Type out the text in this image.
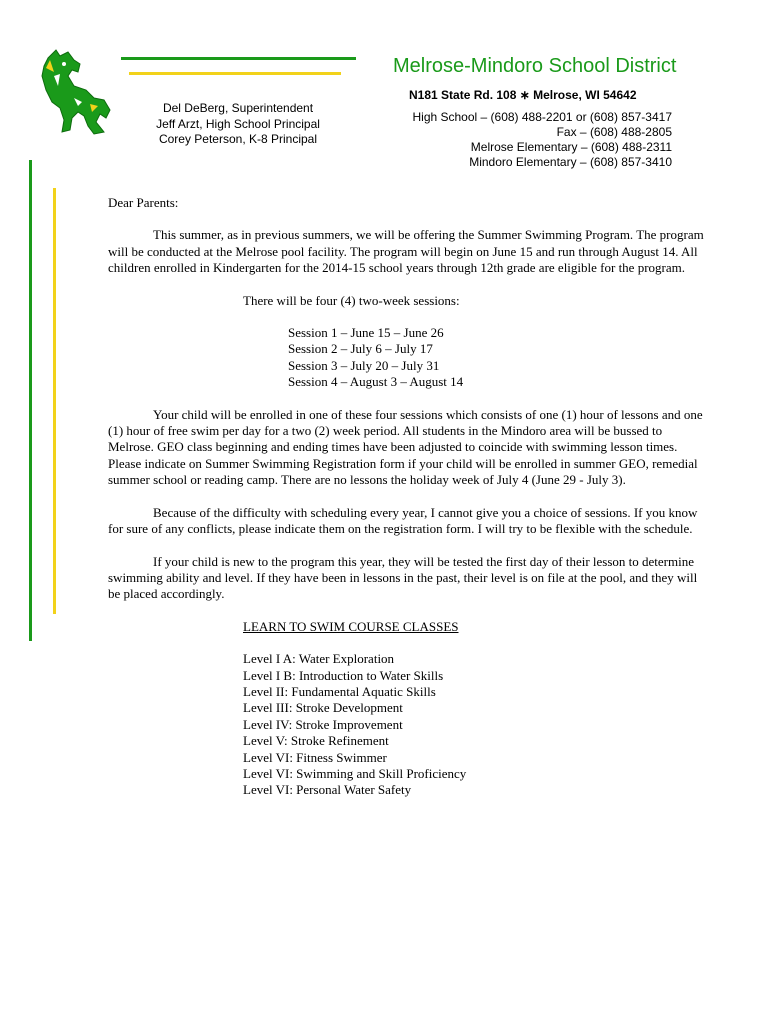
Melrose-Mindoro School District
N181 State Rd. 108 ∗ Melrose, WI 54642
High School – (608) 488-2201 or (608) 857-3417
Fax – (608) 488-2805
Melrose Elementary – (608) 488-2311
Mindoro Elementary – (608) 857-3410
Del DeBerg, Superintendent
Jeff Arzt, High School Principal
Corey Peterson, K-8 Principal

Dear Parents:

This summer, as in previous summers, we will be offering the Summer Swimming Program. The program will be conducted at the Melrose pool facility. The program will begin on June 15 and run through August 14. All children enrolled in Kindergarten for the 2014-15 school years through 12th grade are eligible for the program.

There will be four (4) two-week sessions:

Session 1 – June 15 – June 26
Session 2 – July 6 – July 17
Session 3 – July 20 – July 31
Session 4 – August 3 – August 14

Your child will be enrolled in one of these four sessions which consists of one (1) hour of lessons and one (1) hour of free swim per day for a two (2) week period. All students in the Mindoro area will be bussed to Melrose. GEO class beginning and ending times have been adjusted to coincide with swimming lesson times. Please indicate on Summer Swimming Registration form if your child will be enrolled in summer GEO, remedial summer school or reading camp. There are no lessons the holiday week of July 4 (June 29 - July 3).

Because of the difficulty with scheduling every year, I cannot give you a choice of sessions. If you know for sure of any conflicts, please indicate them on the registration form. I will try to be flexible with the schedule.

If your child is new to the program this year, they will be tested the first day of their lesson to determine swimming ability and level. If they have been in lessons in the past, their level is on file at the pool, and they will be placed accordingly.

LEARN TO SWIM COURSE CLASSES

Level I A: Water Exploration
Level I B: Introduction to Water Skills
Level II: Fundamental Aquatic Skills
Level III: Stroke Development
Level IV: Stroke Improvement
Level V: Stroke Refinement
Level VI: Fitness Swimmer
Level VI: Swimming and Skill Proficiency
Level VI: Personal Water Safety
